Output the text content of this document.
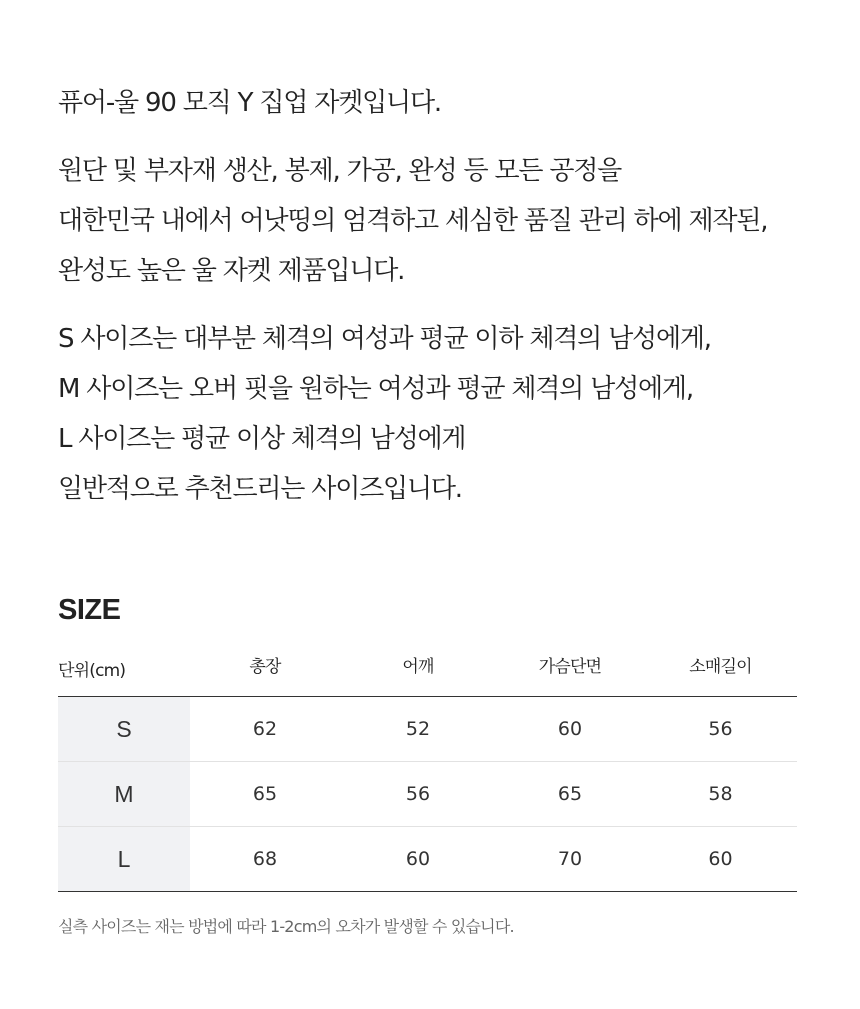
퓨어-울 90 모직 Y 집업 자켓입니다.

원단 및 부자재 생산, 봉제, 가공, 완성 등 모든 공정을
대한민국 내에서 어낫띵의 엄격하고 세심한 품질 관리 하에 제작된,
완성도 높은 울 자켓 제품입니다.

S 사이즈는 대부분 체격의 여성과 평균 이하 체격의 남성에게,
M 사이즈는 오버 핏을 원하는 여성과 평균 체격의 남성에게,
L 사이즈는 평균 이상 체격의 남성에게
일반적으로 추천드리는 사이즈입니다.

SIZE
단위(cm)	총장	어깨	가슴단면	소매길이
S	62	52	60	56
M	65	56	65	58
L	68	60	70	60

실측 사이즈는 재는 방법에 따라 1-2cm의 오차가 발생할 수 있습니다.
